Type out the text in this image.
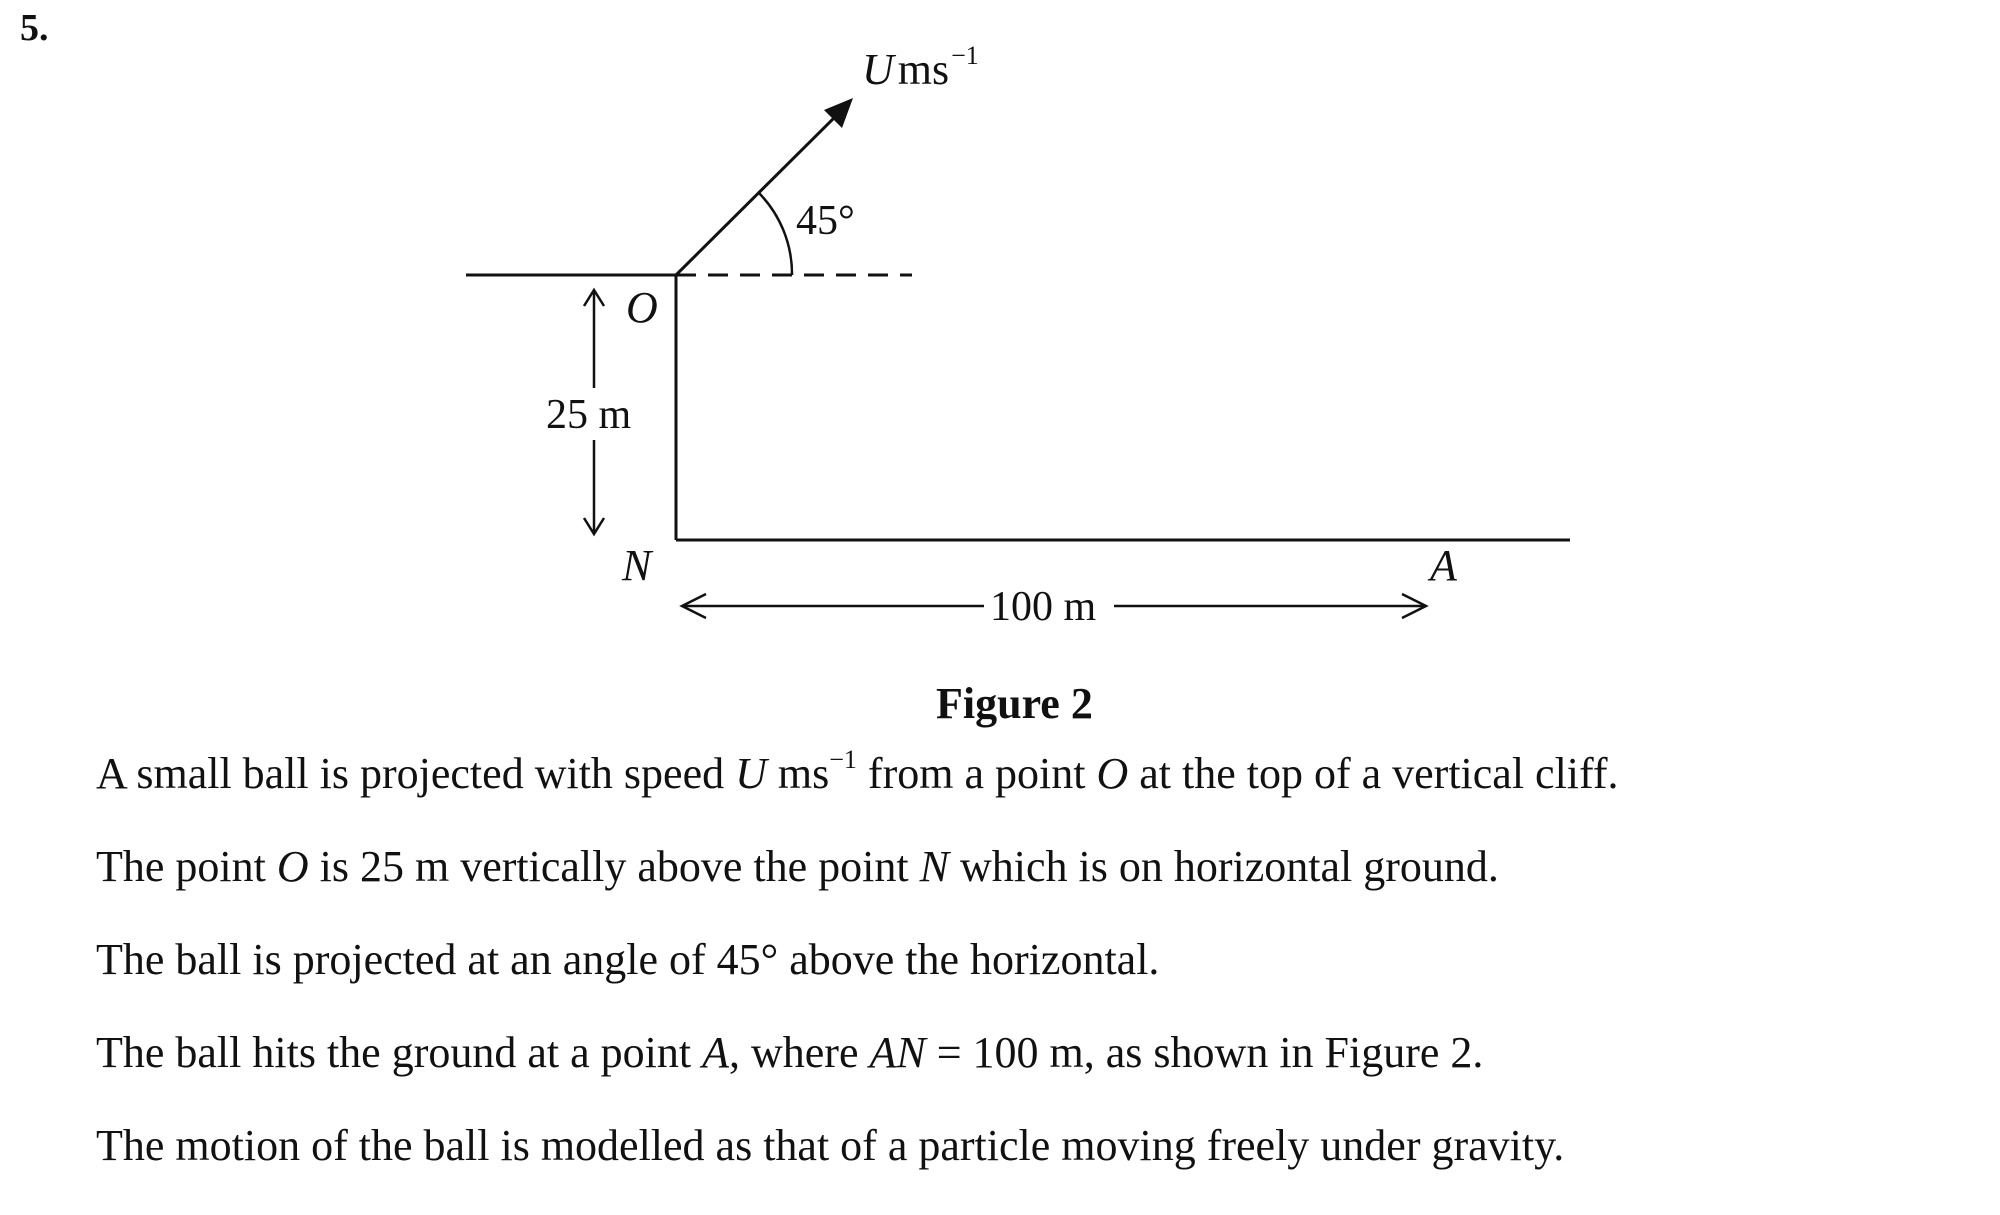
5.
Ums$^{-1}$
45°
O
25 m
N	A
100 m
Figure 2

A small ball is projected with speed U $ms^{-1}$ from a point O at the top of a vertical cliff.

The point O is 25 m vertically above the point N which is on horizontal ground.

The ball is projected at an angle of 45° above the horizontal.

The ball hits the ground at a point A, where AN = 100 m, as shown in Figure 2.

The motion of the ball is modelled as that of a particle moving freely under gravity.
